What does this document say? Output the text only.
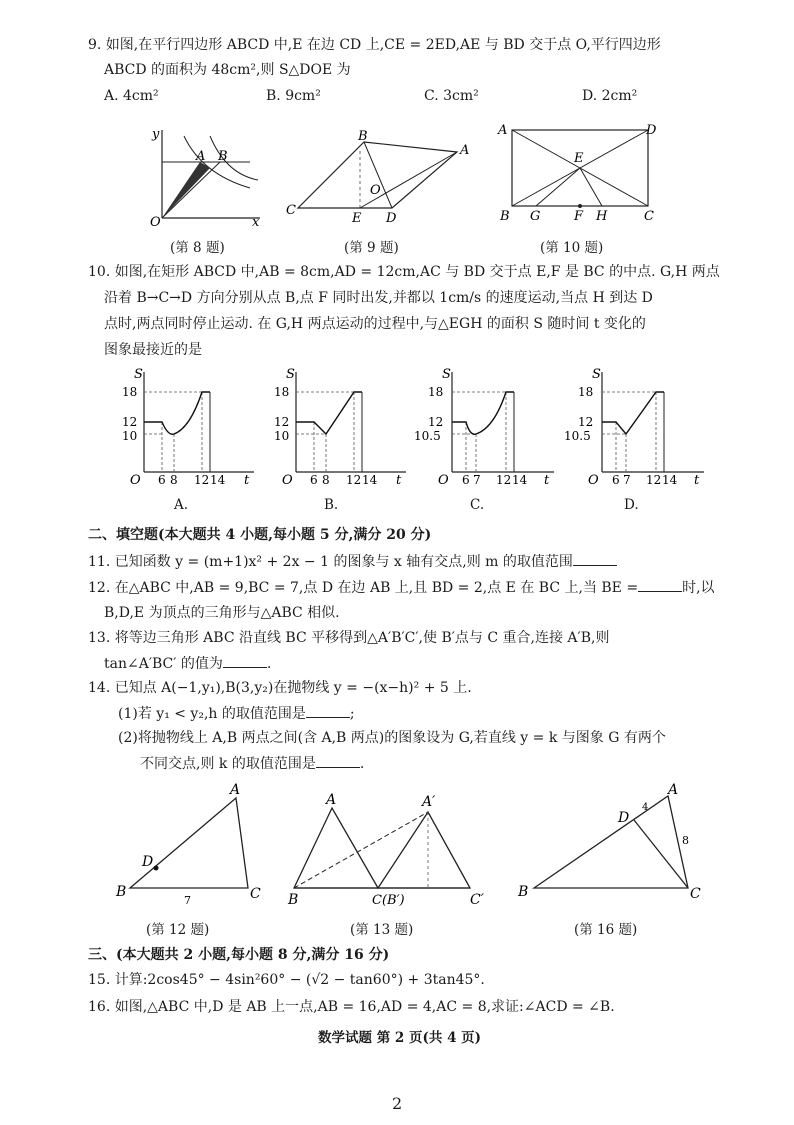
9. 如图,在平行四边形 ABCD 中,E 在边 CD 上,CE = 2ED,AE 与 BD 交于点 O,平行四边形
ABCD 的面积为 48cm²,则 S△DOE 为
A. 4cm²	B. 9cm²	C. 3cm²	D. 2cm²
y
A B
O	x
(第 8 题)
B
A
O
C
E D
(第 9 题)
A	D
E
B G	F H	C
(第 10 题)
10. 如图,在矩形 ABCD 中,AB = 8cm,AD = 12cm,AC 与 BD 交于点 E,F 是 BC 的中点. G,H 两点
沿着 B→C→D 方向分别从点 B,点 F 同时出发,并都以 1cm/s 的速度运动,当点 H 到达 D
点时,两点同时停止运动. 在 G,H 两点运动的过程中,与△EGH 的面积 S 随时间 t 变化的
图象最接近的是
S
18
12
10
O 6 8 12 14 t
A.
S
18
12
10
O 6 8 12 14 t
B.
S
18
12
10.5
O 6 7 12 14 t
C.
S
18
12
10.5
O 6 7 12 14 t
D.
二、填空题(本大题共 4 小题,每小题 5 分,满分 20 分)
11. 已知函数 y = (m+1)x² + 2x − 1 的图象与 x 轴有交点,则 m 的取值范围
12. 在△ABC 中,AB = 9,BC = 7,点 D 在边 AB 上,且 BD = 2,点 E 在 BC 上,当 BE =	时,以
B,D,E 为顶点的三角形与△ABC 相似.
13. 将等边三角形 ABC 沿直线 BC 平移得到△A′B′C′,使 B′点与 C 重合,连接 A′B,则
tan∠A′BC′ 的值为	.
14. 已知点 A(−1,y₁),B(3,y₂)在抛物线 y = −(x−h)² + 5 上.
(1)若 y₁ < y₂,h 的取值范围是	;
(2)将抛物线上 A,B 两点之间(含 A,B 两点)的图象设为 G,若直线 y = k 与图象 G 有两个
不同交点,则 k 的取值范围是	.
A
D
B
7	C
(第 12 题)
A	A′
B	C(B′)	C′
(第 13 题)
A
D
4
8
B	C
(第 16 题)
三、(本大题共 2 小题,每小题 8 分,满分 16 分)
15. 计算:2cos45° − 4sin²60° − (√2 − tan60°) + 3tan45°.
16. 如图,△ABC 中,D 是 AB 上一点,AB = 16,AD = 4,AC = 8,求证:∠ACD = ∠B.
数学试题 第 2 页(共 4 页)
2
